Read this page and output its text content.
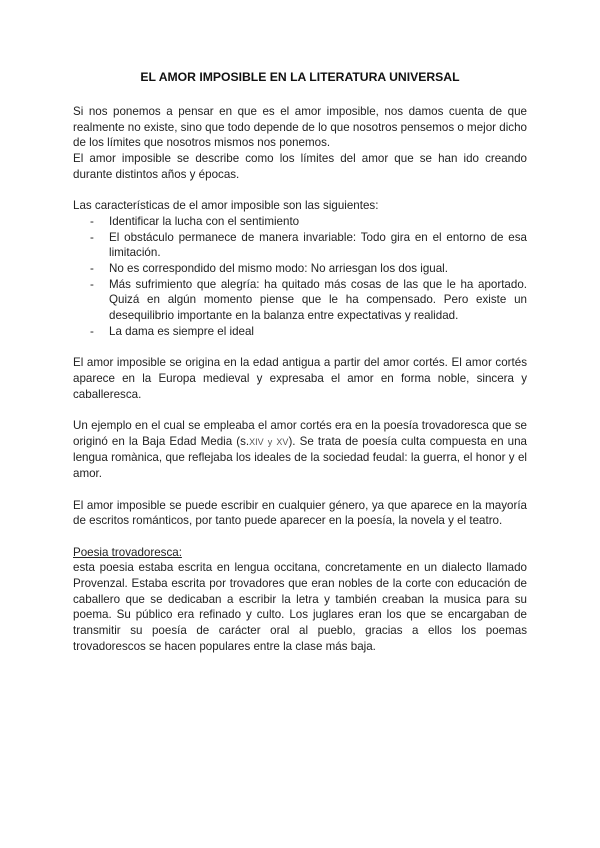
EL AMOR IMPOSIBLE EN LA LITERATURA UNIVERSAL

Si nos ponemos a pensar en que es el amor imposible, nos damos cuenta de que realmente no existe, sino que todo depende de lo que nosotros pensemos o mejor dicho de los límites que nosotros mismos nos ponemos.

El amor imposible se describe como los límites del amor que se han ido creando durante distintos años y épocas.

Las características de el amor imposible son las siguientes:

- Identificar la lucha con el sentimiento
- El obstáculo permanece de manera invariable: Todo gira en el entorno de esa limitación.
- No es correspondido del mismo modo: No arriesgan los dos igual.
- Más sufrimiento que alegría: ha quitado más cosas de las que le ha aportado. Quizá en algún momento piense que le ha compensado. Pero existe un desequilibrio importante en la balanza entre expectativas y realidad.
- La dama es siempre el ideal

El amor imposible se origina en la edad antigua a partir del amor cortés. El amor cortés aparece en la Europa medieval y expresaba el amor en forma noble, sincera y caballeresca.

Un ejemplo en el cual se empleaba el amor cortés era en la poesía trovadoresca que se originó en la Baja Edad Media (s.XIV y XV). Se trata de poesía culta compuesta en una lengua romànica, que reflejaba los ideales de la sociedad feudal: la guerra, el honor y el amor.

El amor imposible se puede escribir en cualquier género, ya que aparece en la mayoría de escritos románticos, por tanto puede aparecer en la poesía, la novela y el teatro.

Poesia trovadoresca:

esta poesia estaba escrita en lengua occitana, concretamente en un dialecto llamado Provenzal. Estaba escrita por trovadores que eran nobles de la corte con educación de caballero que se dedicaban a escribir la letra y también creaban la musica para su poema. Su público era refinado y culto. Los juglares eran los que se encargaban de transmitir su poesía de carácter oral al pueblo, gracias a ellos los poemas trovadorescos se hacen populares entre la clase más baja.
